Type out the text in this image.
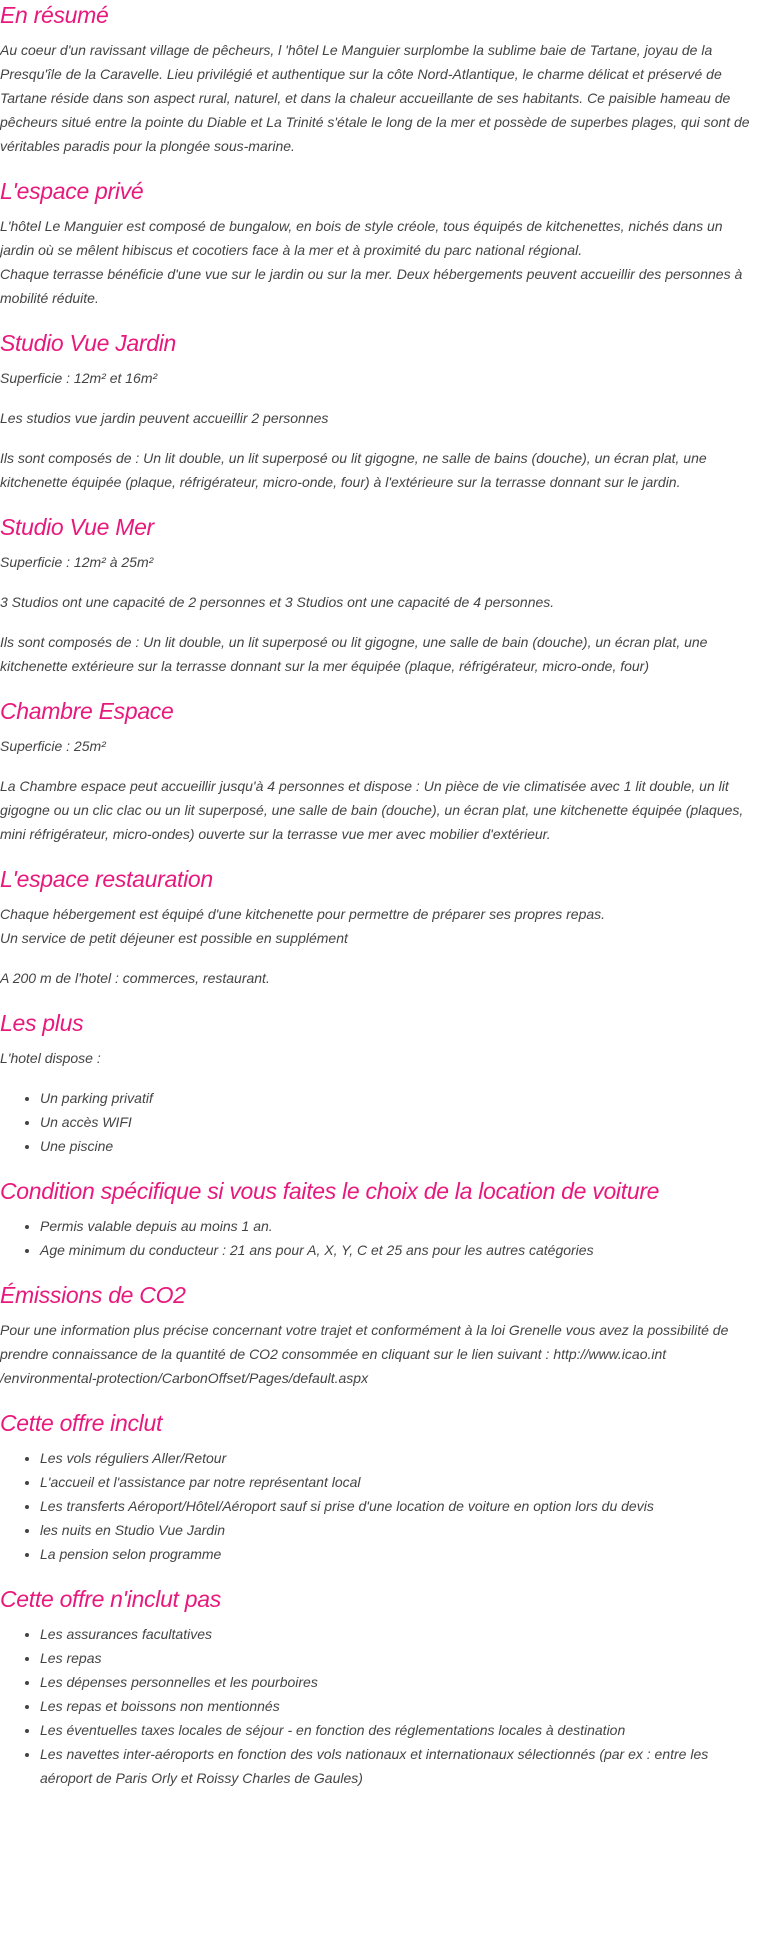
En résumé

Au coeur d'un ravissant village de pêcheurs, l 'hôtel Le Manguier surplombe la sublime baie de Tartane, joyau de la Presqu'île de la Caravelle. Lieu privilégié et authentique sur la côte Nord-Atlantique, le charme délicat et préservé de Tartane réside dans son aspect rural, naturel, et dans la chaleur accueillante de ses habitants. Ce paisible hameau de pêcheurs situé entre la pointe du Diable et La Trinité s'étale le long de la mer et possède de superbes plages, qui sont de véritables paradis pour la plongée sous-marine.

L'espace privé

L'hôtel Le Manguier est composé de bungalow, en bois de style créole, tous équipés de kitchenettes, nichés dans un jardin où se mêlent hibiscus et cocotiers face à la mer et à proximité du parc national régional.

Chaque terrasse bénéficie d'une vue sur le jardin ou sur la mer. Deux hébergements peuvent accueillir des personnes à mobilité réduite.

Studio Vue Jardin

Superficie : 12m² et 16m²

Les studios vue jardin peuvent accueillir 2 personnes

Ils sont composés de : Un lit double, un lit superposé ou lit gigogne, ne salle de bains (douche), un écran plat, une kitchenette équipée (plaque, réfrigérateur, micro-onde, four) à l'extérieure sur la terrasse donnant sur le jardin.

Studio Vue Mer

Superficie : 12m² à 25m²

3 Studios ont une capacité de 2 personnes et 3 Studios ont une capacité de 4 personnes.

Ils sont composés de : Un lit double, un lit superposé ou lit gigogne, une salle de bain (douche), un écran plat, une kitchenette extérieure sur la terrasse donnant sur la mer équipée (plaque, réfrigérateur, micro-onde, four)

Chambre Espace

Superficie : 25m²

La Chambre espace peut accueillir jusqu'à 4 personnes et dispose : Un pièce de vie climatisée avec 1 lit double, un lit gigogne ou un clic clac ou un lit superposé, une salle de bain (douche), un écran plat, une kitchenette équipée (plaques, mini réfrigérateur, micro-ondes) ouverte sur la terrasse vue mer avec mobilier d'extérieur.

L'espace restauration

Chaque hébergement est équipé d'une kitchenette pour permettre de préparer ses propres repas.

Un service de petit déjeuner est possible en supplément

A 200 m de l'hotel : commerces, restaurant.

Les plus

L'hotel dispose :

• Un parking privatif
• Un accès WIFI
• Une piscine
Condition spécifique si vous faites le choix de la location de voiture
• Permis valable depuis au moins 1 an.
• Age minimum du conducteur : 21 ans pour A, X, Y, C et 25 ans pour les autres catégories
Émissions de CO2

Pour une information plus précise concernant votre trajet et conformément à la loi Grenelle vous avez la possibilité de prendre connaissance de la quantité de CO2 consommée en cliquant sur le lien suivant : http://www.icao.int /environmental-protection/CarbonOffset/Pages/default.aspx

Cette offre inclut
• Les vols réguliers Aller/Retour
• L'accueil et l'assistance par notre représentant local
• Les transferts Aéroport/Hôtel/Aéroport sauf si prise d'une location de voiture en option lors du devis
• les nuits en Studio Vue Jardin
• La pension selon programme
Cette offre n'inclut pas
• Les assurances facultatives
• Les repas
• Les dépenses personnelles et les pourboires
• Les repas et boissons non mentionnés
• Les éventuelles taxes locales de séjour - en fonction des réglementations locales à destination
• Les navettes inter-aéroports en fonction des vols nationaux et internationaux sélectionnés (par ex : entre les aéroport de Paris Orly et Roissy Charles de Gaules)
